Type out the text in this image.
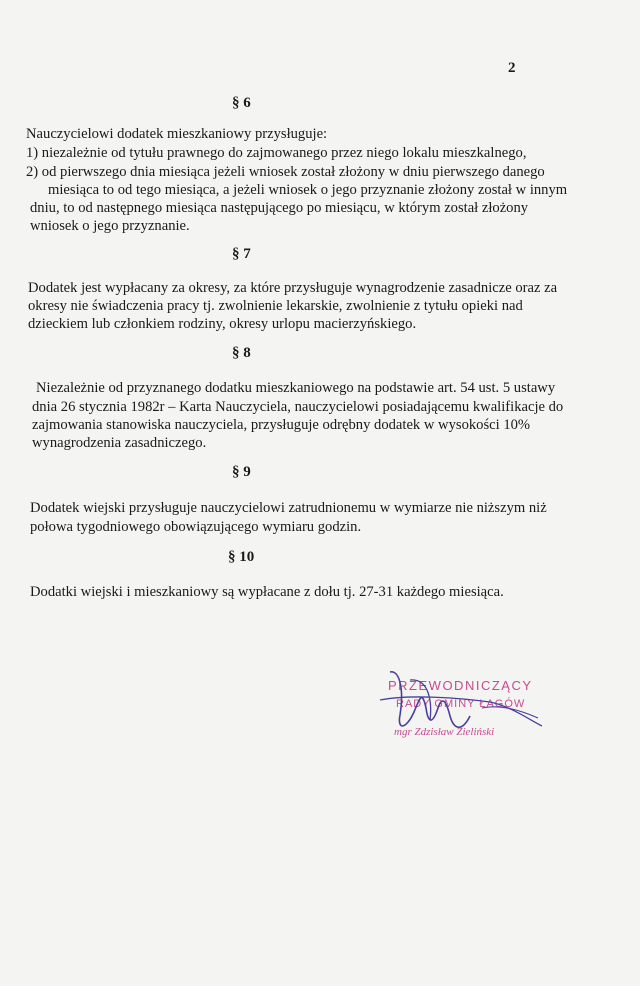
2
§ 6
Nauczycielowi dodatek mieszkaniowy przysługuje:
1) niezależnie od tytułu prawnego do zajmowanego przez niego lokalu mieszkalnego,
2) od pierwszego dnia miesiąca jeżeli wniosek został złożony w dniu pierwszego danego
miesiąca to od tego miesiąca, a jeżeli wniosek o jego przyznanie złożony został w innym
dniu, to od następnego miesiąca następującego po miesiącu, w którym został złożony
wniosek o jego przyznanie.
§ 7
Dodatek jest wypłacany za okresy, za które przysługuje wynagrodzenie zasadnicze oraz za
okresy nie świadczenia pracy tj. zwolnienie lekarskie, zwolnienie z tytułu opieki nad
dzieckiem lub członkiem rodziny, okresy urlopu macierzyńskiego.
§ 8
Niezależnie od przyznanego dodatku mieszkaniowego na podstawie art. 54 ust. 5 ustawy
dnia 26 stycznia 1982r – Karta Nauczyciela, nauczycielowi posiadającemu kwalifikacje do
zajmowania stanowiska nauczyciela, przysługuje odrębny dodatek w wysokości 10%
wynagrodzenia zasadniczego.
§ 9
Dodatek wiejski przysługuje nauczycielowi zatrudnionemu w wymiarze nie niższym niż
połowa tygodniowego obowiązującego wymiaru godzin.
§ 10
Dodatki wiejski i mieszkaniowy są wypłacane z dołu tj. 27-31 każdego miesiąca.
PRZEWODNICZĄCY
RADY GMINY ŁAGÓW
mgr Zdzisław Zieliński
